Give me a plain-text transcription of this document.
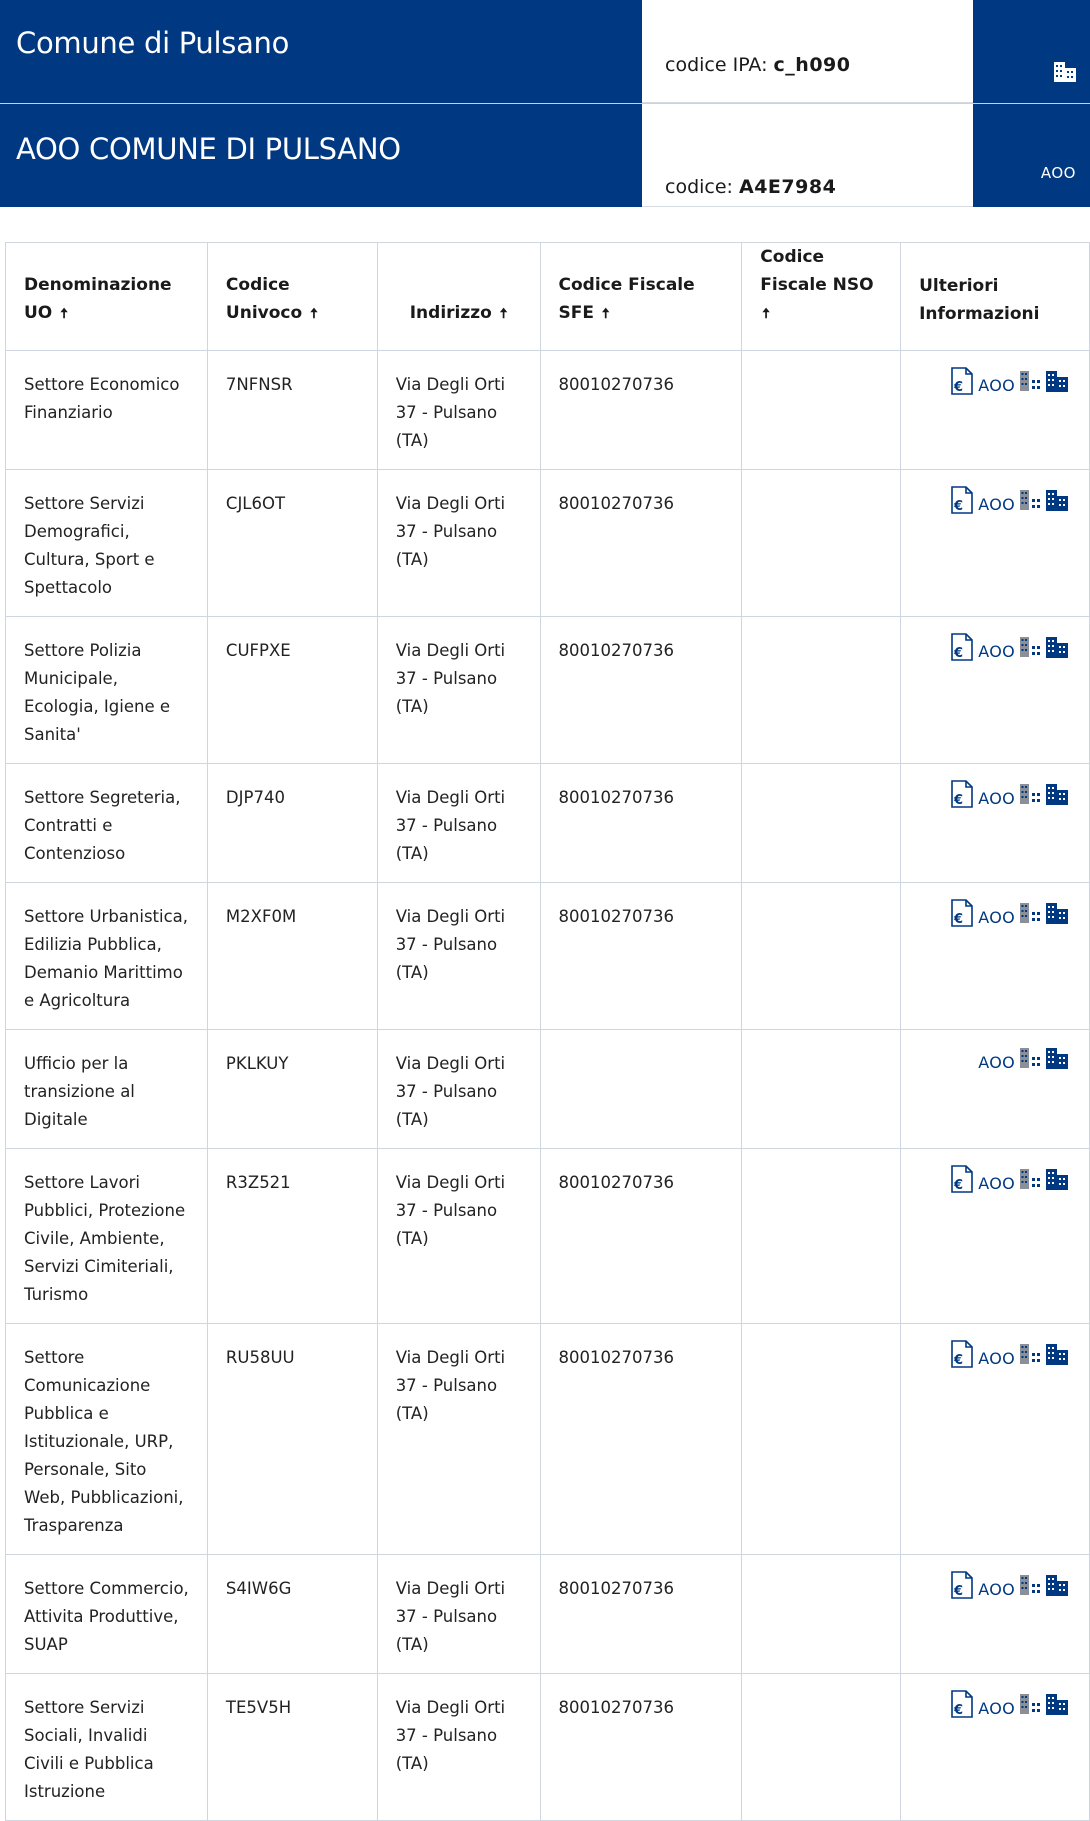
Comune di Pulsano
codice IPA:
c_h090
AOO COMUNE DI PULSANO
codice:
A4E7984
AOO
Denominazione UO 🠅	Codice Univoco 🠅	Indirizzo 🠅	Codice Fiscale SFE 🠅	Codice Fiscale NSO 🠅	Ulteriori Informazioni
Settore Economico Finanziario	7NFNSR	Via Degli Orti 37 - Pulsano (TA)	80010270736		€ AOO
Settore Servizi Demografici, Cultura, Sport e Spettacolo	CJL6OT	Via Degli Orti 37 - Pulsano (TA)	80010270736		€ AOO
Settore Polizia Municipale, Ecologia, Igiene e Sanita'	CUFPXE	Via Degli Orti 37 - Pulsano (TA)	80010270736		€ AOO
Settore Segreteria, Contratti e Contenzioso	DJP740	Via Degli Orti 37 - Pulsano (TA)	80010270736		€ AOO
Settore Urbanistica, Edilizia Pubblica, Demanio Marittimo e Agricoltura	M2XF0M	Via Degli Orti 37 - Pulsano (TA)	80010270736		€ AOO
Ufficio per la transizione al Digitale	PKLKUY	Via Degli Orti 37 - Pulsano (TA)			AOO
Settore Lavori Pubblici, Protezione Civile, Ambiente, Servizi Cimiteriali, Turismo	R3Z521	Via Degli Orti 37 - Pulsano (TA)	80010270736		€ AOO
Settore Comunicazione Pubblica e Istituzionale, URP, Personale, Sito Web, Pubblicazioni, Trasparenza	RU58UU	Via Degli Orti 37 - Pulsano (TA)	80010270736		€ AOO
Settore Commercio, Attivita Produttive, SUAP	S4IW6G	Via Degli Orti 37 - Pulsano (TA)	80010270736		€ AOO
Settore Servizi Sociali, Invalidi Civili e Pubblica Istruzione	TE5V5H	Via Degli Orti 37 - Pulsano (TA)	80010270736		€ AOO
